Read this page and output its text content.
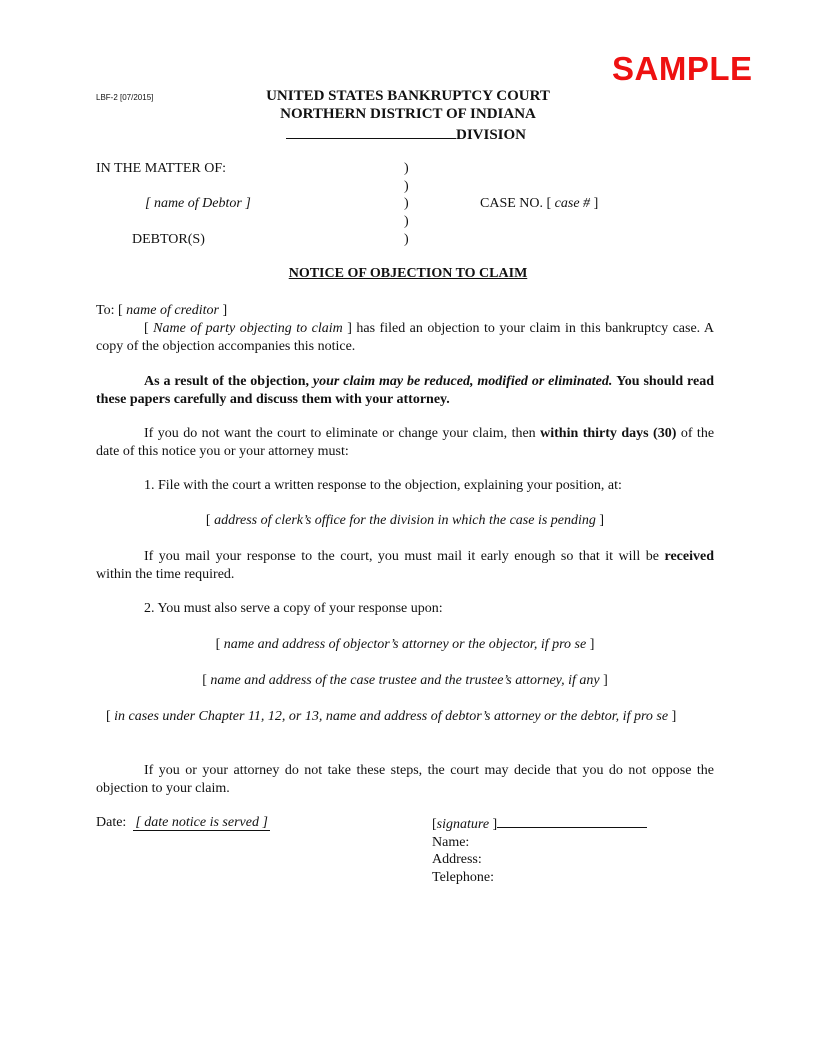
SAMPLE
LBF-2 [07/2015]	UNITED STATES BANKRUPTCY COURT
NORTHERN DISTRICT OF INDIANA
DIVISION
IN THE MATTER OF:
[ name of Debtor ]
DEBTOR(S)
)
)
)
)
)
CASE NO. [ case # ]
NOTICE OF OBJECTION TO CLAIM
To: [ name of creditor ]
[ Name of party objecting to claim ] has filed an objection to your claim in this bankruptcy case. A copy of the objection accompanies this notice.
As a result of the objection, your claim may be reduced, modified or eliminated. You should read these papers carefully and discuss them with your attorney.
If you do not want the court to eliminate or change your claim, then within thirty days (30) of the date of this notice you or your attorney must:
1. File with the court a written response to the objection, explaining your position, at:
[ address of clerk’s office for the division in which the case is pending ]
If you mail your response to the court, you must mail it early enough so that it will be received within the time required.
2. You must also serve a copy of your response upon:
[ name and address of objector’s attorney or the objector, if pro se ]
[ name and address of the case trustee and the trustee’s attorney, if any ]
[ in cases under Chapter 11, 12, or 13, name and address of debtor’s attorney or the debtor, if pro se ]
If you or your attorney do not take these steps, the court may decide that you do not oppose the objection to your claim.
Date: [ date notice is served ]	[signature ]
Name:
Address:
Telephone:
